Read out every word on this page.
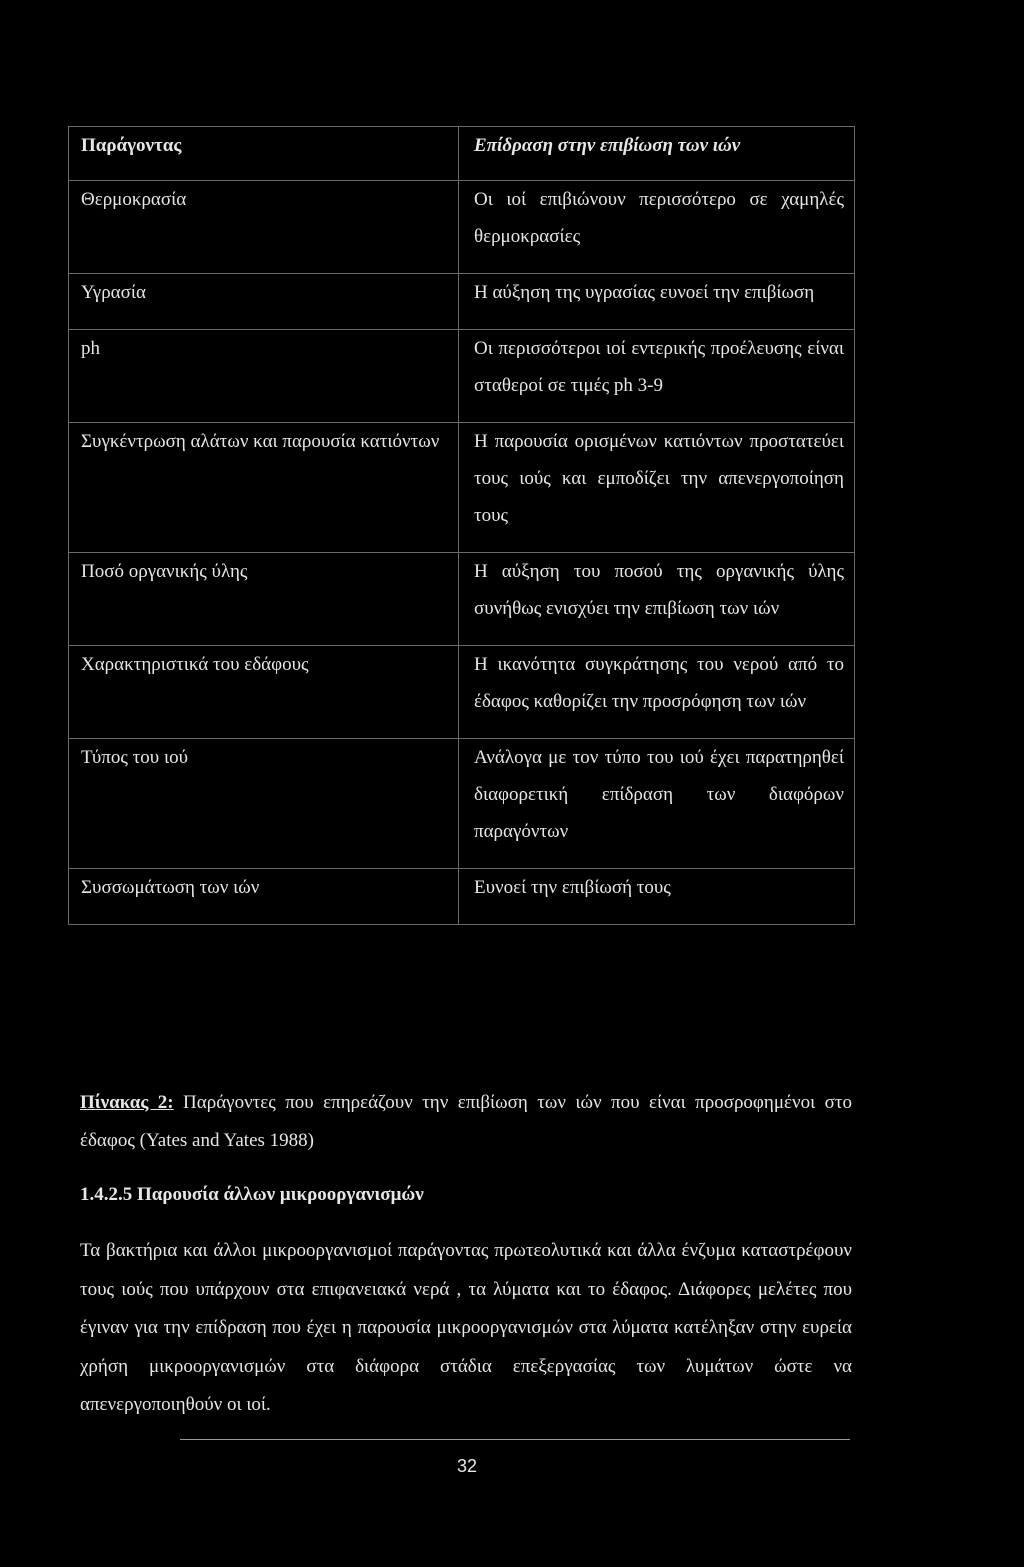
Παράγοντας	Επίδραση στην επιβίωση των ιών
Θερμοκρασία	Οι ιοί επιβιώνουν περισσότερο σε χαμηλές θερμοκρασίες
Υγρασία	Η αύξηση της υγρασίας ευνοεί την επιβίωση
ph	Οι περισσότεροι ιοί εντερικής προέλευσης είναι σταθεροί σε τιμές ph 3-9
Συγκέντρωση αλάτων και παρουσία κατιόντων	Η παρουσία ορισμένων κατιόντων προστατεύει τους ιούς και εμποδίζει την απενεργοποίηση τους
Ποσό οργανικής ύλης	Η αύξηση του ποσού της οργανικής ύλης συνήθως ενισχύει την επιβίωση των ιών
Χαρακτηριστικά του εδάφους	Η ικανότητα συγκράτησης του νερού από το έδαφος καθορίζει την προσρόφηση των ιών
Τύπος του ιού	Ανάλογα με τον τύπο του ιού έχει παρατηρηθεί διαφορετική επίδραση των διαφόρων παραγόντων
Συσσωμάτωση των ιών	Ευνοεί την επιβίωσή τους
Πίνακας 2: Παράγοντες που επηρεάζουν την επιβίωση των ιών που είναι προσροφημένοι στο έδαφος (Yates and Yates 1988)
1.4.2.5 Παρουσία άλλων μικροοργανισμών
Τα βακτήρια και άλλοι μικροοργανισμοί παράγοντας πρωτεολυτικά και άλλα ένζυμα καταστρέφουν τους ιούς που υπάρχουν στα επιφανειακά νερά , τα λύματα και το έδαφος. Διάφορες μελέτες που έγιναν για την επίδραση που έχει η παρουσία μικροοργανισμών στα λύματα κατέληξαν στην ευρεία χρήση μικροοργανισμών στα διάφορα στάδια επεξεργασίας των λυμάτων ώστε να απενεργοποιηθούν οι ιοί.
32
